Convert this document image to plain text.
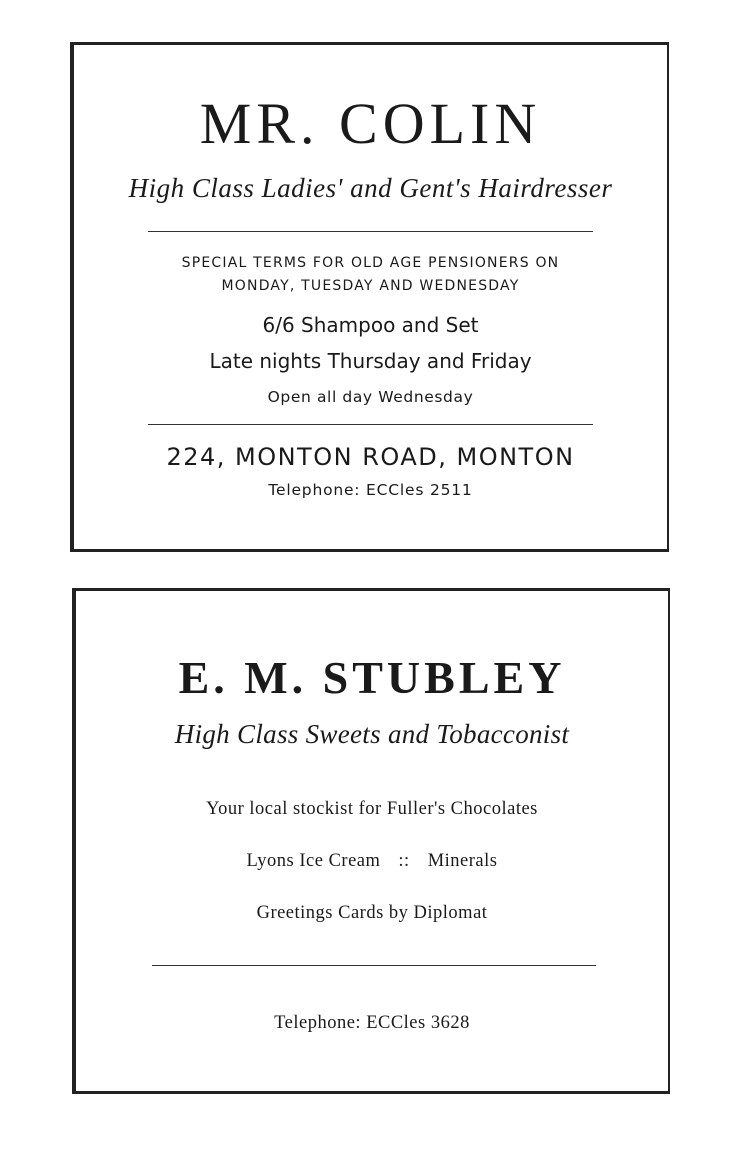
MR. COLIN
High Class Ladies' and Gent's Hairdresser
SPECIAL TERMS FOR OLD AGE PENSIONERS ON
MONDAY, TUESDAY AND WEDNESDAY
6/6 Shampoo and Set
Late nights Thursday and Friday
Open all day Wednesday
224, MONTON ROAD, MONTON
Telephone: ECCles 2511
E. M. STUBLEY
High Class Sweets and Tobacconist
Your local stockist for Fuller's Chocolates
Lyons Ice Cream :: Minerals
Greetings Cards by Diplomat
Telephone: ECCles 3628
